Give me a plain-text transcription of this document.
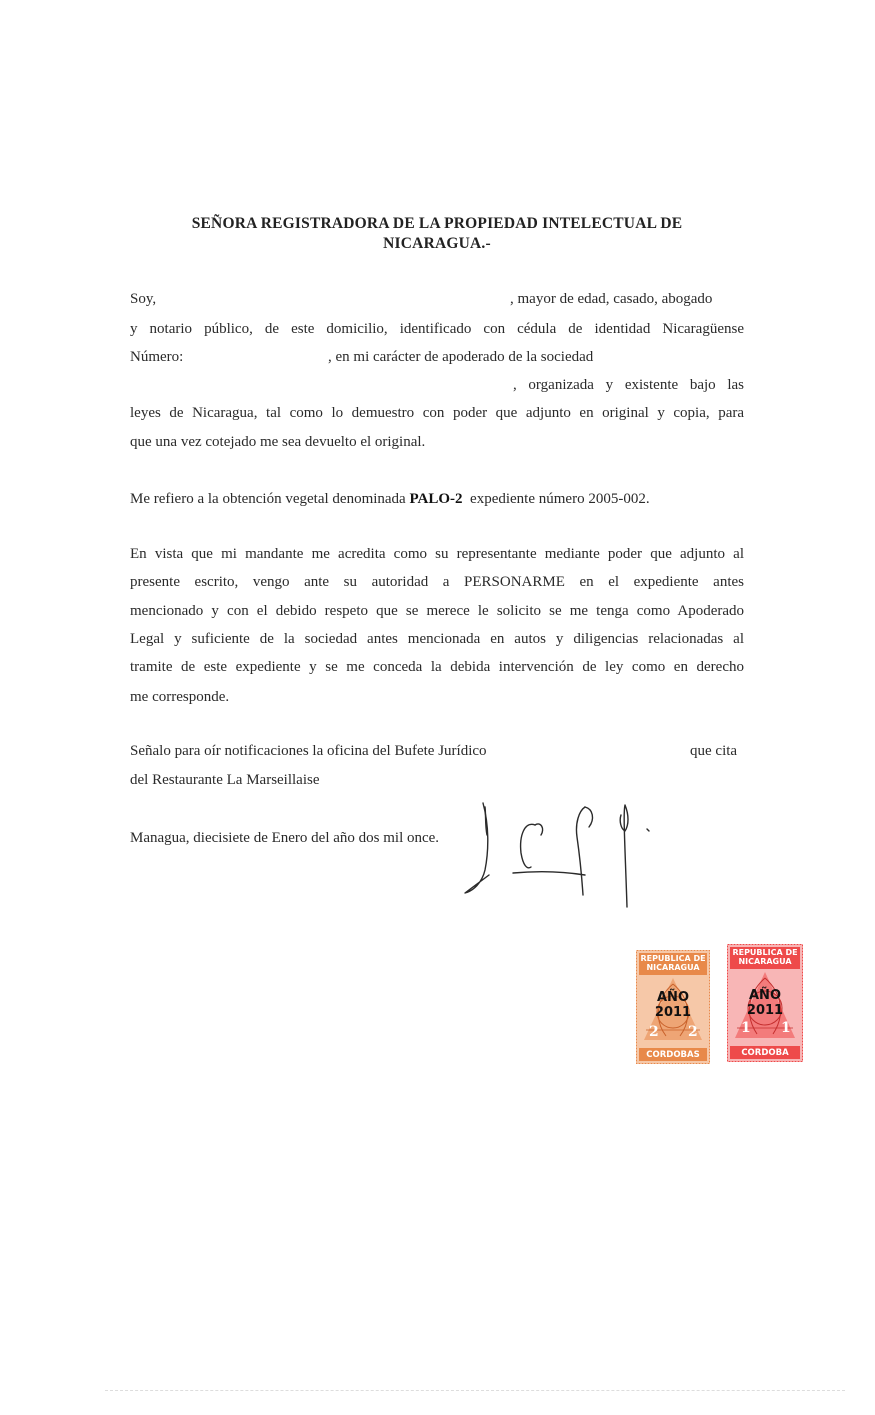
SEÑORA REGISTRADORA DE LA PROPIEDAD INTELECTUAL DE
NICARAGUA.-
Soy,	, mayor de edad, casado, abogado
y notario público, de este domicilio, identificado con cédula de identidad Nicaragüense
Número:	, en mi carácter de apoderado de la sociedad
, organizada y existente bajo las
leyes de Nicaragua, tal como lo demuestro con poder que adjunto en original y copia, para
que una vez cotejado me sea devuelto el original.
Me refiero a la obtención vegetal denominada PALO-2  expediente número 2005-002.
En vista que mi mandante me acredita como su representante mediante poder que adjunto al
presente escrito, vengo ante su autoridad a PERSONARME en el expediente antes
mencionado y con el debido respeto que se merece le solicito se me tenga como Apoderado
Legal y suficiente de la sociedad antes mencionada en autos y diligencias relacionadas al
tramite de este expediente y se me conceda la debida intervención de ley como en derecho
me corresponde.
Señalo para oír notificaciones la oficina del Bufete Jurídico	que cita
del Restaurante La Marseillaise
Managua, diecisiete de Enero del año dos mil once.
REPUBLICA DE
NICARAGUA
AÑO
2011
2 2
CORDOBAS
REPUBLICA DE
NICARAGUA
AÑO
2011
1 1
CORDOBA
